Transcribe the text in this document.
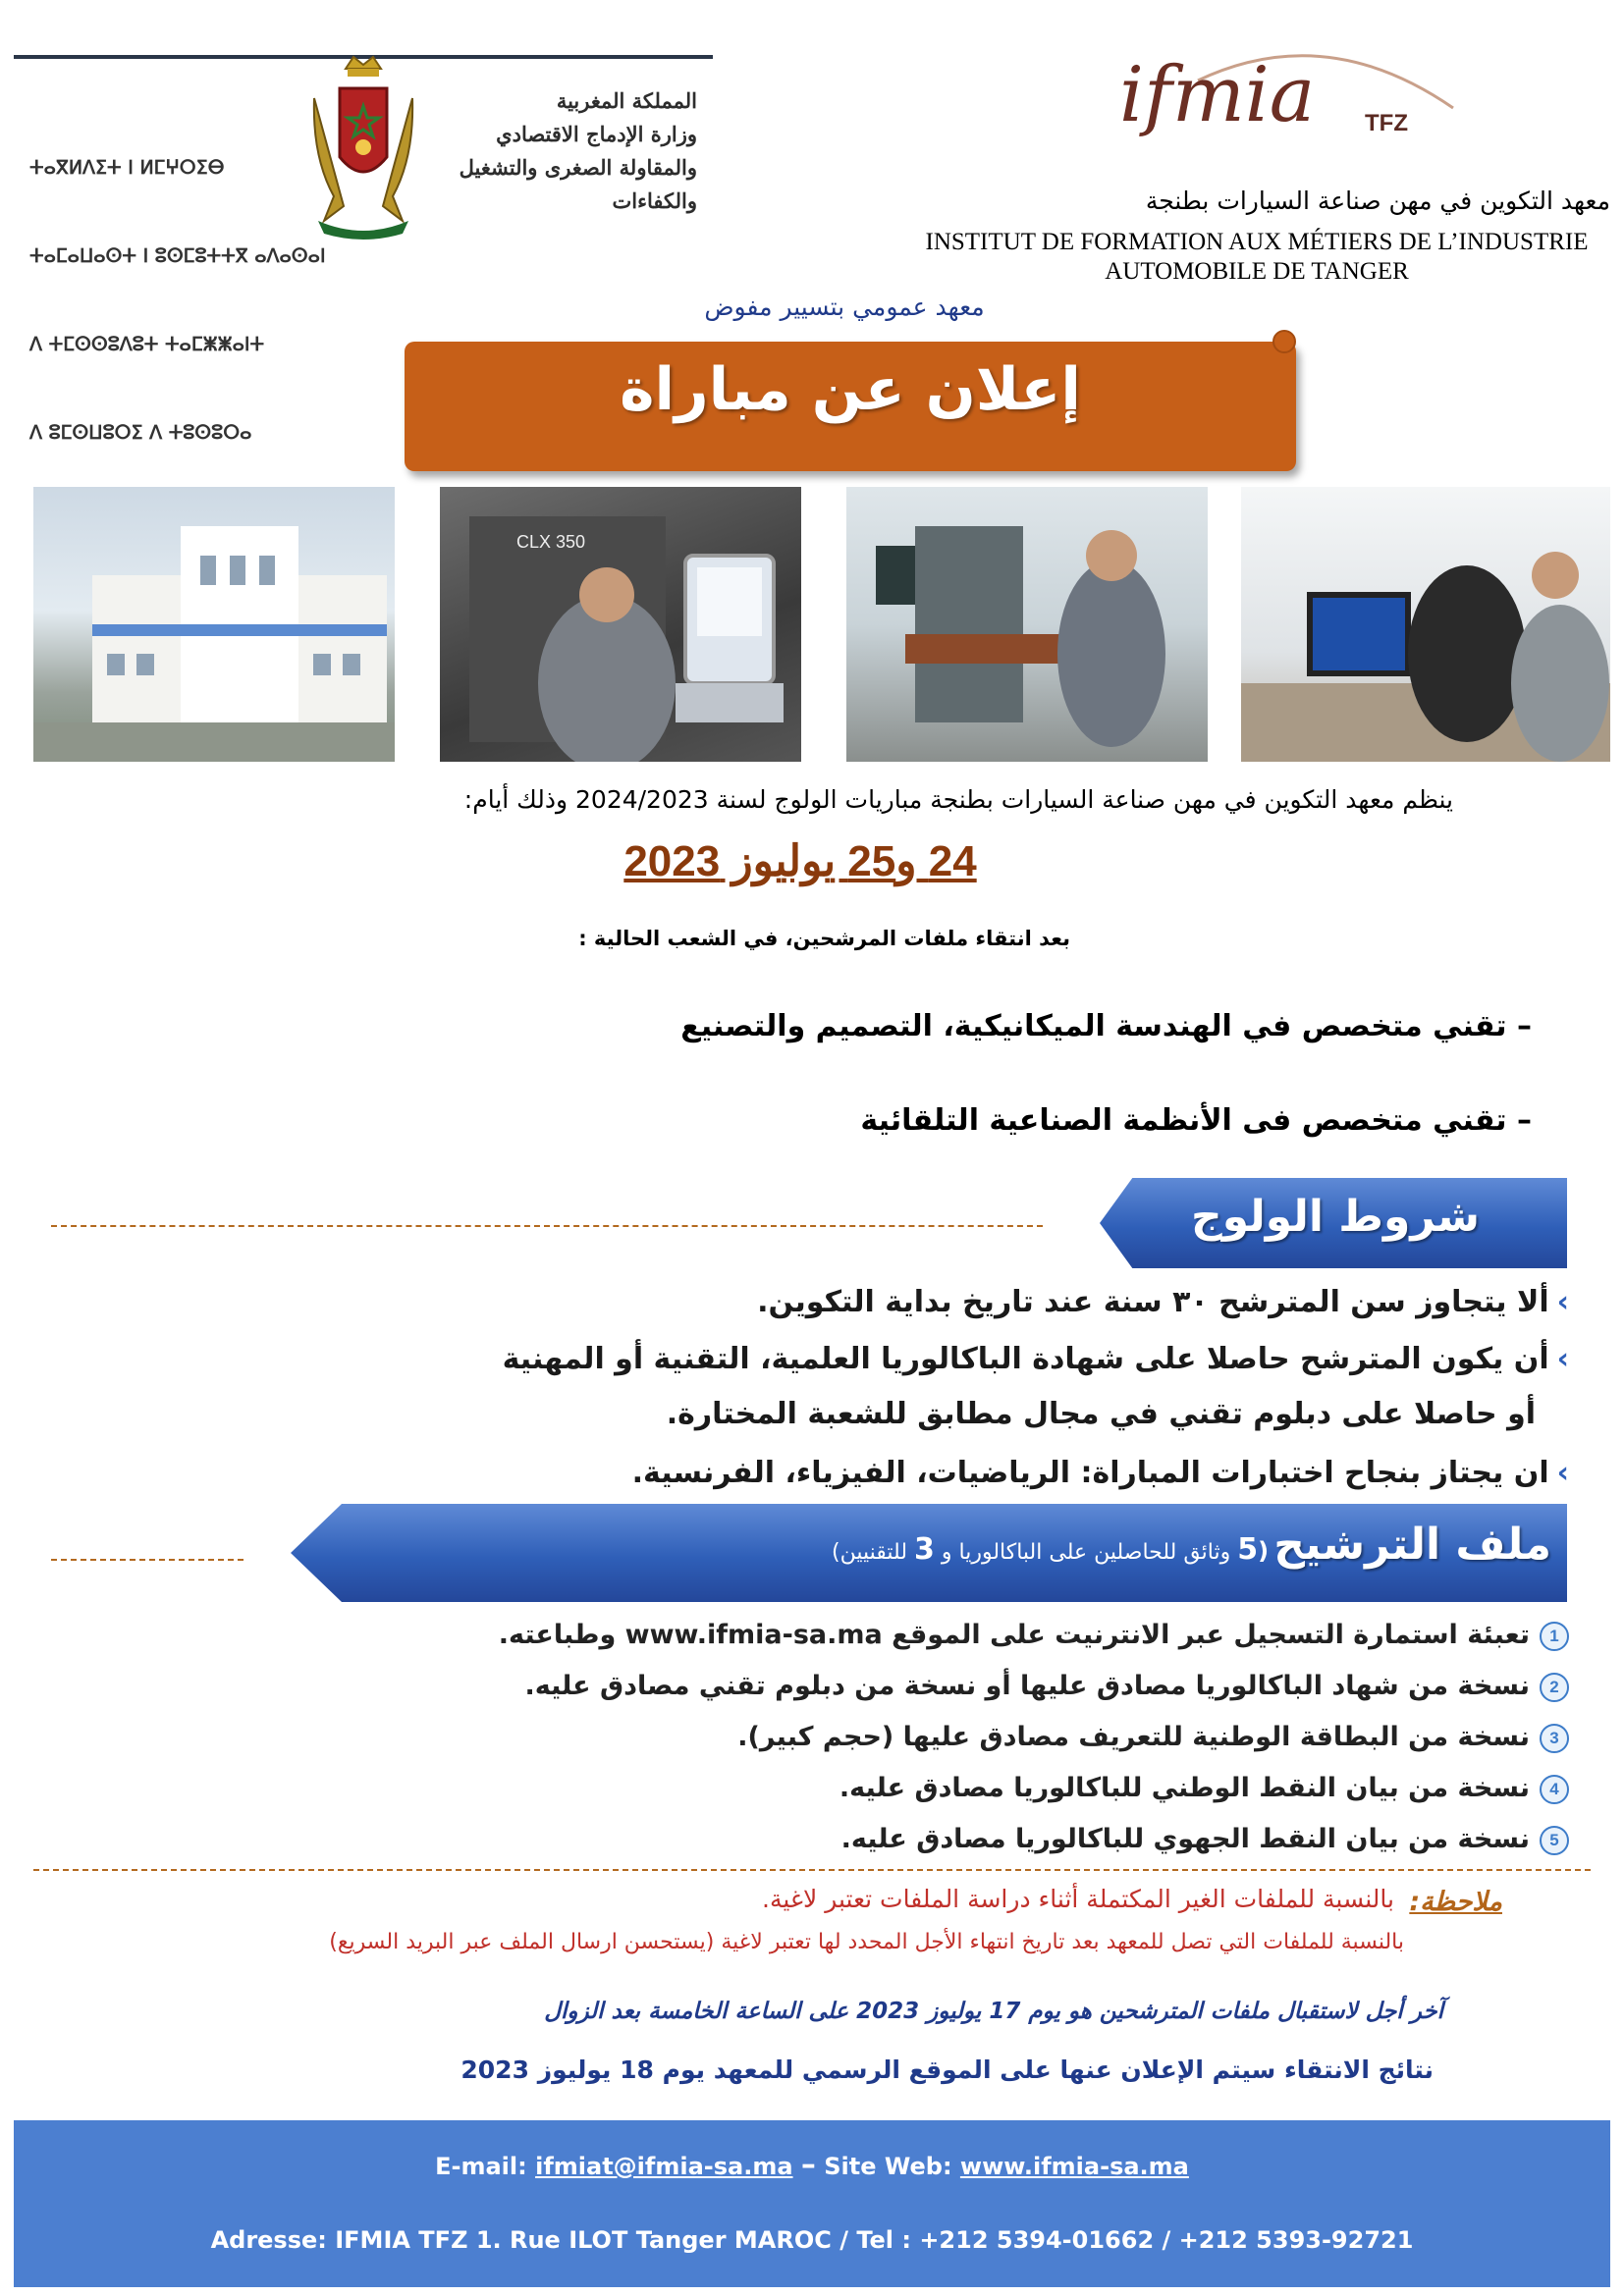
ⵜⴰⴳⵍⴷⵉⵜ ⵏ ⵍⵎⵖⵔⵉⴱ

ⵜⴰⵎⴰⵡⴰⵙⵜ ⵏ ⵓⵙⵎⵓⵜⵜⴳ ⴰⴷⴰⵙⴰⵏ

ⴷ ⵜⵎⵙⵙⵓⴷⵓⵜ ⵜⴰⵎⵥⵥⴰⵏⵜ

ⴷ ⵓⵎⵙⵡⵓⵔⵉ ⴷ ⵜⵓⵙⵓⵔⴰ

المملكة المغربية
وزارة الإدماج الاقتصادي
والمقاولة الصغرى والتشغيل والكفاءات
ifmia TFZ
معهد التكوين في مهن صناعة السيارات بطنجة
INSTITUT DE FORMATION AUX MÉTIERS DE L’INDUSTRIE
AUTOMOBILE DE TANGER
معهد عمومي بتسيير مفوض
إعلان عن مباراة
CLX 350
ينظم معهد التكوين في مهن صناعة السيارات بطنجة مباريات الولوج لسنة 2024/2023 وذلك أيام:
24 و25 يوليوز 2023
بعد انتقاء ملفات المرشحين، في الشعب الحالية :
– تقني متخصص في الهندسة الميكانيكية، التصميم والتصنيع
– تقني متخصص فى الأنظمة الصناعية التلقائية
شروط الولوج
›ألا يتجاوز سن المترشح ٣٠ سنة عند تاريخ بداية التكوين.
›أن يكون المترشح حاصلا على شهادة الباكالوريا العلمية، التقنية أو المهنية
أو حاصلا على دبلوم تقني في مجال مطابق للشعبة المختارة.
›ان يجتاز بنجاح اختبارات المباراة: الرياضيات، الفيزياء، الفرنسية.
ملف الترشيح (5 وثائق للحاصلين على الباكالوريا و 3 للتقنيين)
1تعبئة استمارة التسجيل عبر الانترنيت على الموقع www.ifmia-sa.ma وطباعته.
2نسخة من شهاد الباكالوريا مصادق عليها أو نسخة من دبلوم تقني مصادق عليه.
3نسخة من البطاقة الوطنية للتعريف مصادق عليها (حجم كبير).
4نسخة من بيان النقط الوطني للباكالوريا مصادق عليه.
5نسخة من بيان النقط الجهوي للباكالوريا مصادق عليه.
ملاحظة:
بالنسبة للملفات الغير المكتملة أثناء دراسة الملفات تعتبر لاغية.
بالنسبة للملفات التي تصل للمعهد بعد تاريخ انتهاء الأجل المحدد لها تعتبر لاغية (يستحسن ارسال الملف عبر البريد السريع)
آخر أجل لاستقبال ملفات المترشحين هو يوم 17 يوليوز 2023 على الساعة الخامسة بعد الزوال
نتائج الانتقاء سيتم الإعلان عنها على الموقع الرسمي للمعهد يوم 18 يوليوز 2023
E-mail: ifmiat@ifmia-sa.ma – Site Web: www.ifmia-sa.ma
Adresse: IFMIA TFZ 1. Rue ILOT Tanger MAROC / Tel : +212 5394-01662 / +212 5393-92721
